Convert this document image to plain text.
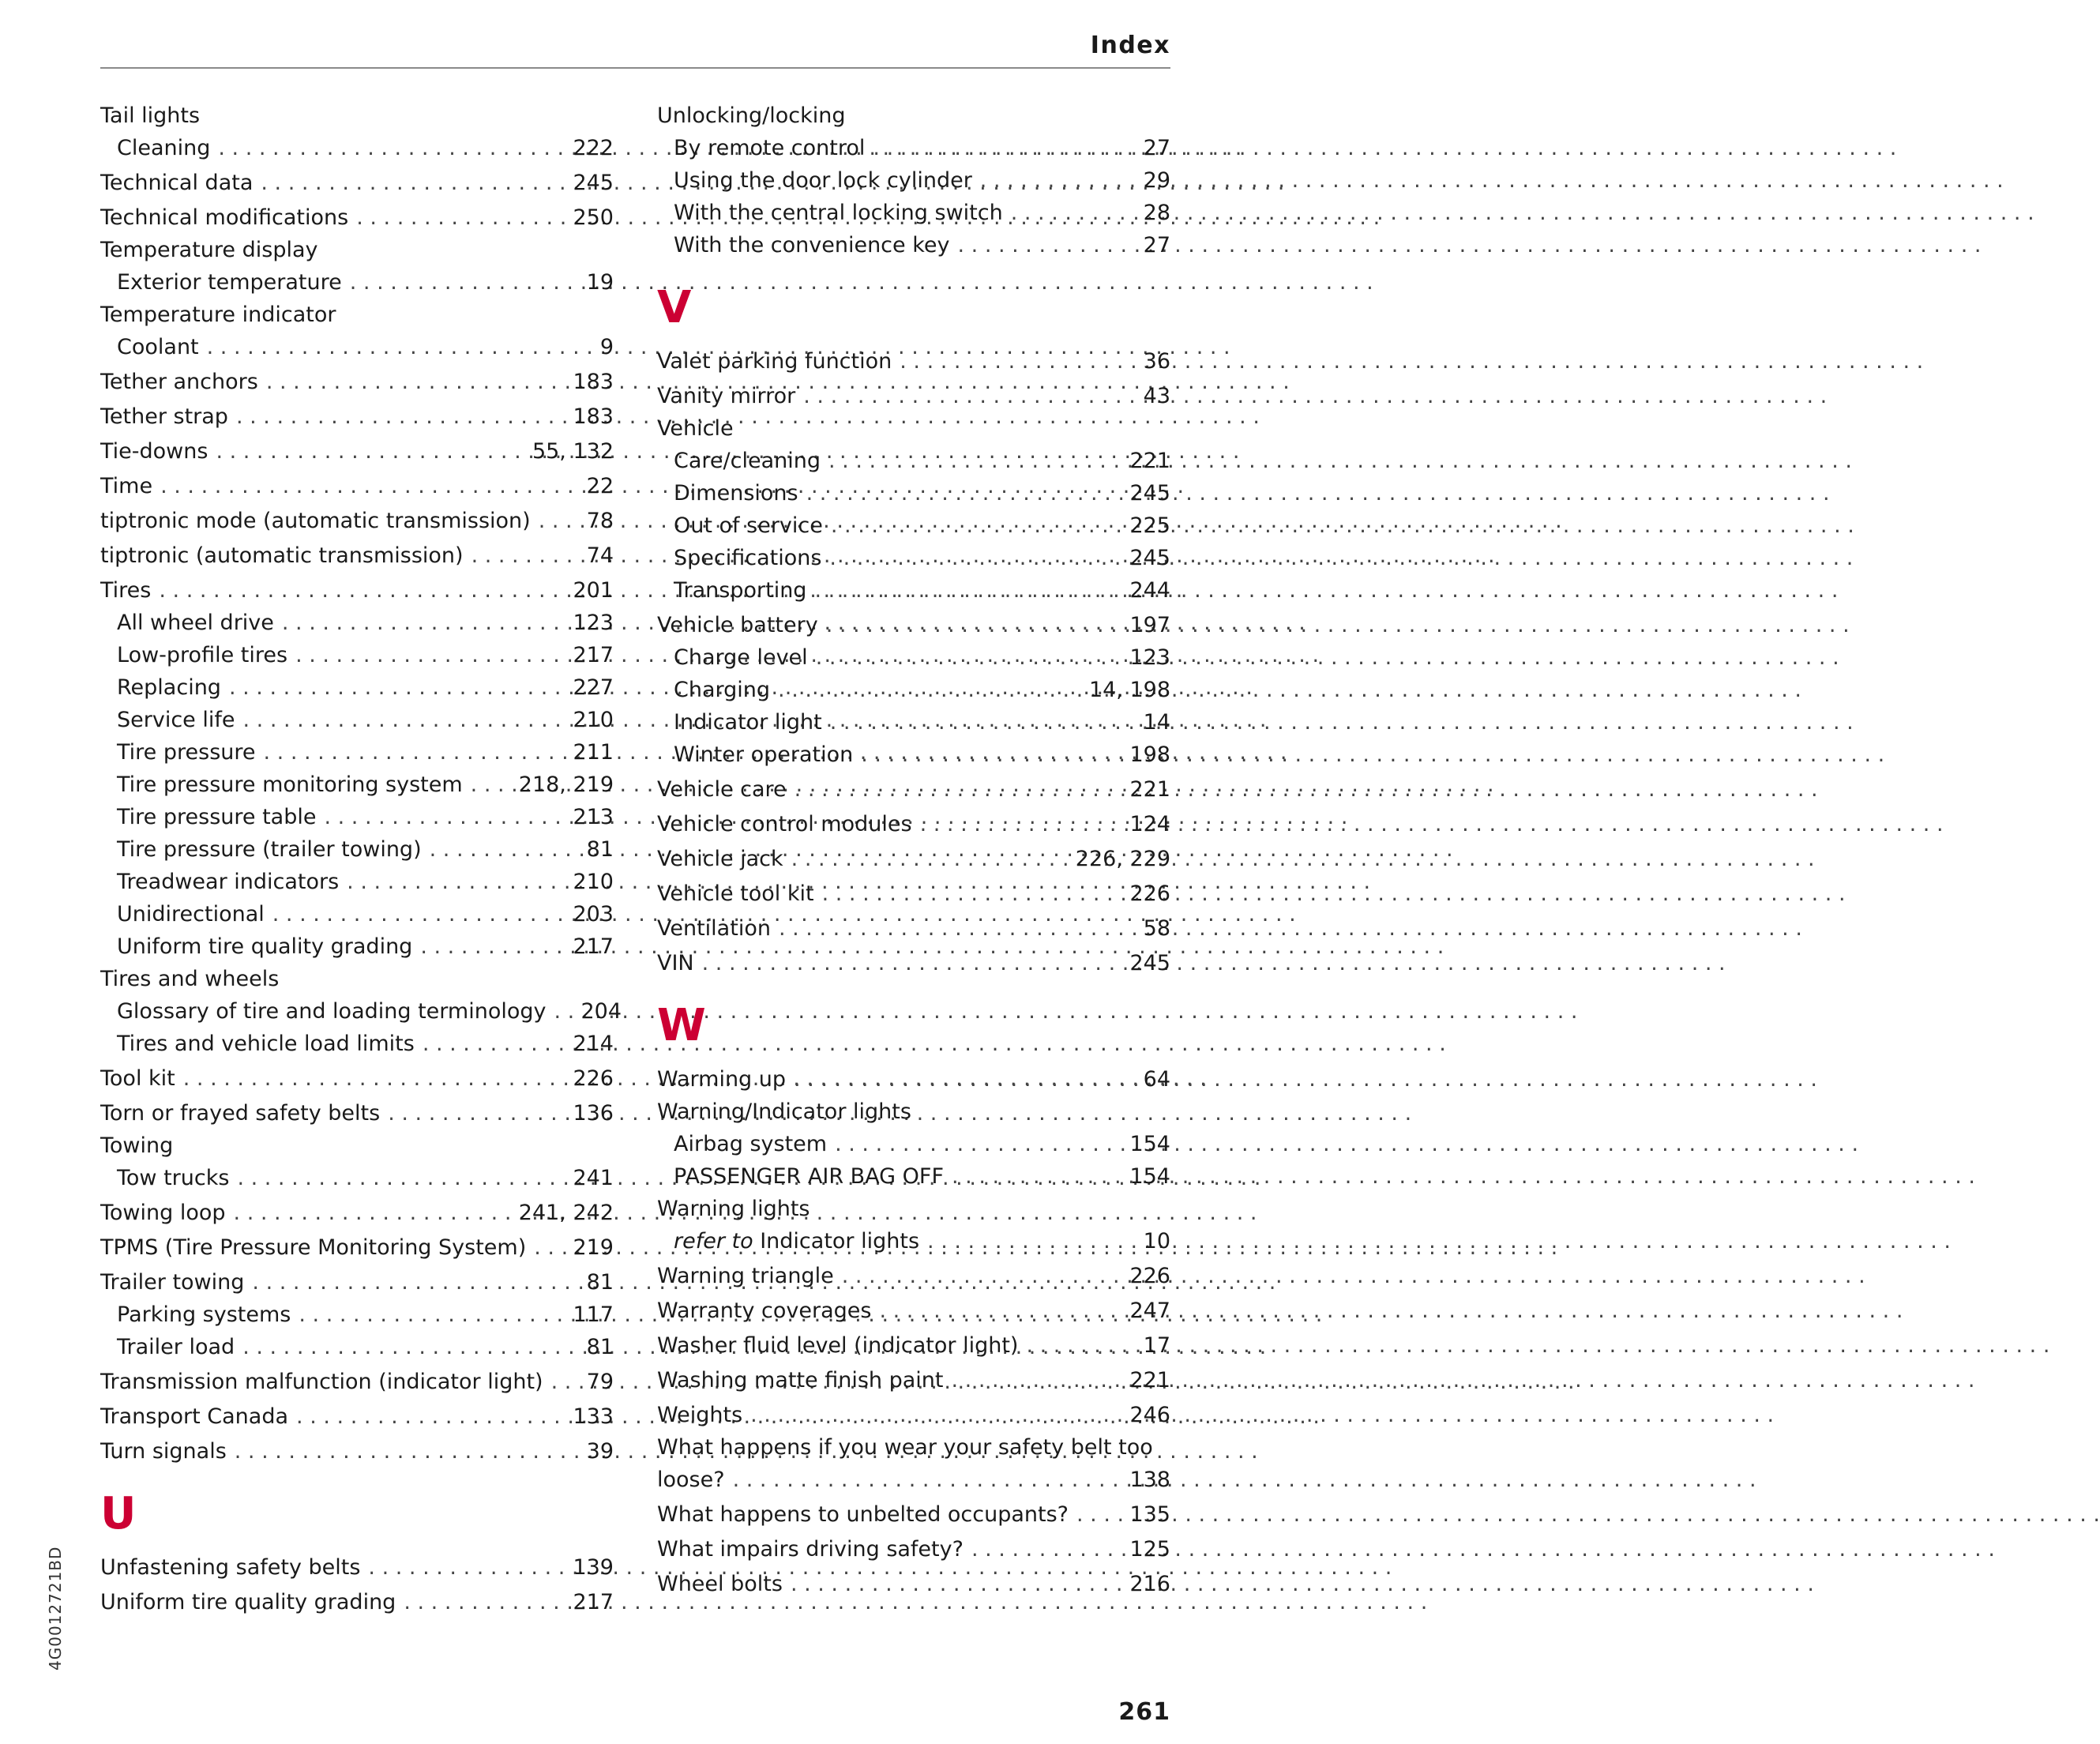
Index
Tail lights
Cleaning . . .	222
Technical data . . .	245
Technical modifications . . .	250
Temperature display
Exterior temperature . . .	19
Temperature indicator
Coolant . . .	9
Tether anchors . . .	183
Tether strap . . .	183
Tie-downs . . .	55, 132
Time . . .	22
tiptronic mode (automatic transmission) . . .	78
tiptronic (automatic transmission) . . .	74
Tires . . .	201
All wheel drive . . .	123
Low-profile tires . . .	217
Replacing . . .	227
Service life . . .	210
Tire pressure . . .	211
Tire pressure monitoring system . . .	218, 219
Tire pressure table . . .	213
Tire pressure (trailer towing) . . .	81
Treadwear indicators . . .	210
Unidirectional . . .	203
Uniform tire quality grading . . .	217
Tires and wheels
Glossary of tire and loading terminology . . . 204
Tires and vehicle load limits . . .	214
Tool kit . . .	226
Torn or frayed safety belts . . .	136
Towing
Tow trucks . . .	241
Towing loop . . .	241, 242
TPMS (Tire Pressure Monitoring System) . . . 219
Trailer towing . . .	81
Parking systems . . .	117
Trailer load . . .	81
Transmission malfunction (indicator light) . . . 79
Transport Canada . . .	133
Turn signals . . .	39
U
Unfastening safety belts . . .	139
Uniform tire quality grading . . .	217
Unlocking/locking
By remote control . . .	27
Using the door lock cylinder . . .	29
With the central locking switch . . .	28
With the convenience key . . .	27
V
Valet parking function . . .	36
Vanity mirror . . .	43
Vehicle
Care/cleaning . . .	221
Dimensions . . .	245
Out of service . . .	225
Specifications . . .	245
Transporting . . .	244
Vehicle battery . . .	197
Charge level . . .	123
Charging . . .	14, 198
Indicator light . . .	14
Winter operation . . .	198
Vehicle care . . .	221
Vehicle control modules . . .	124
Vehicle jack . . .	226, 229
Vehicle tool kit . . .	226
Ventilation . . .	58
VIN . . .	245
W
Warming up . . .	64
Warning/Indicator lights
Airbag system . . .	154
PASSENGER AIR BAG OFF . . .	154
Warning lights
refer to Indicator lights . . .	10
Warning triangle . . .	226
Warranty coverages . . .	247
Washer fluid level (indicator light) . . .	17
Washing matte finish paint . . .	221
Weights . . .	246
What happens if you wear your safety belt too
loose? . . .	138
What happens to unbelted occupants? . . .	135
What impairs driving safety? . . .	125
Wheel bolts . . .	216
4G0012721BD
261
